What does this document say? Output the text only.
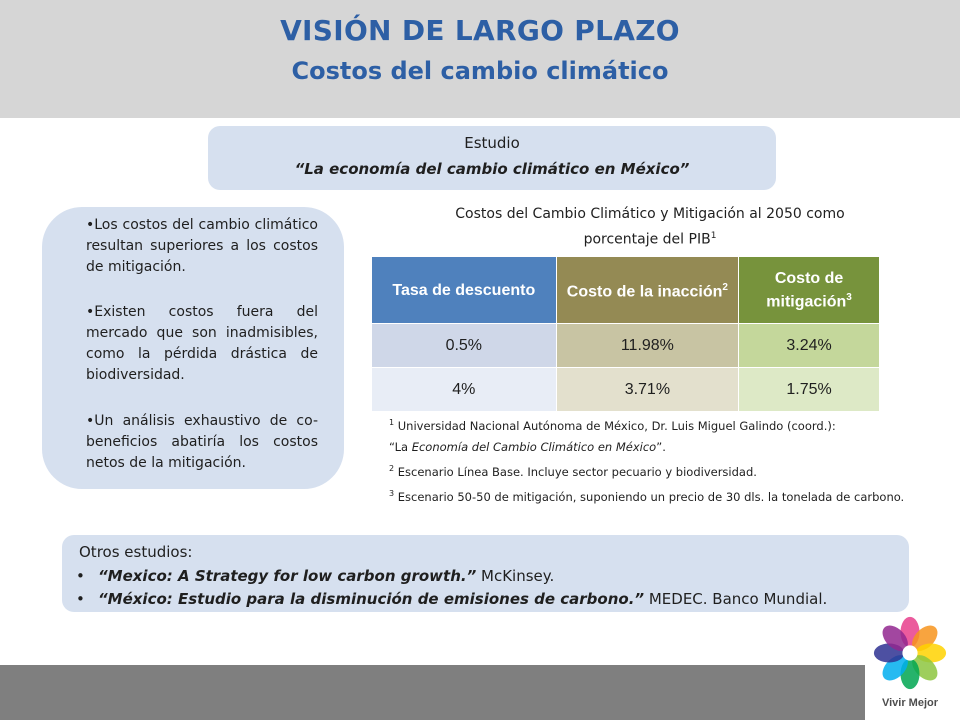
VISIÓN DE LARGO PLAZO
Costos del cambio climático
Estudio
“La economía del cambio climático en México”

•Los costos del cambio climático resultan superiores a los costos de mitigación.

•Existen costos fuera del mercado que son inadmisibles, como la pérdida drástica de biodiversidad.

•Un análisis exhaustivo de co-beneficios abatiría los costos netos de la mitigación.

Costos del Cambio Climático y Mitigación al 2050 como
porcentaje del PIB$^1$
Tasa de descuento	Costo de la inacción$^2$	Costo de mitigación$^3$
0.5%	11.98%	3.24%
4%	3.71%	1.75%
$^1$ Universidad Nacional Autónoma de México, Dr. Luis Miguel Galindo (coord.):
“La Economía del Cambio Climático en México”.
$^2$ Escenario Línea Base. Incluye sector pecuario y biodiversidad.
$^3$ Escenario 50-50 de mitigación, suponiendo un precio de 30 dls. la tonelada de carbono.
Otros estudios:
• “Mexico: A Strategy for low carbon growth.” McKinsey.
• “México: Estudio para la disminución de emisiones de carbono.” MEDEC. Banco Mundial.
Vivir Mejor
